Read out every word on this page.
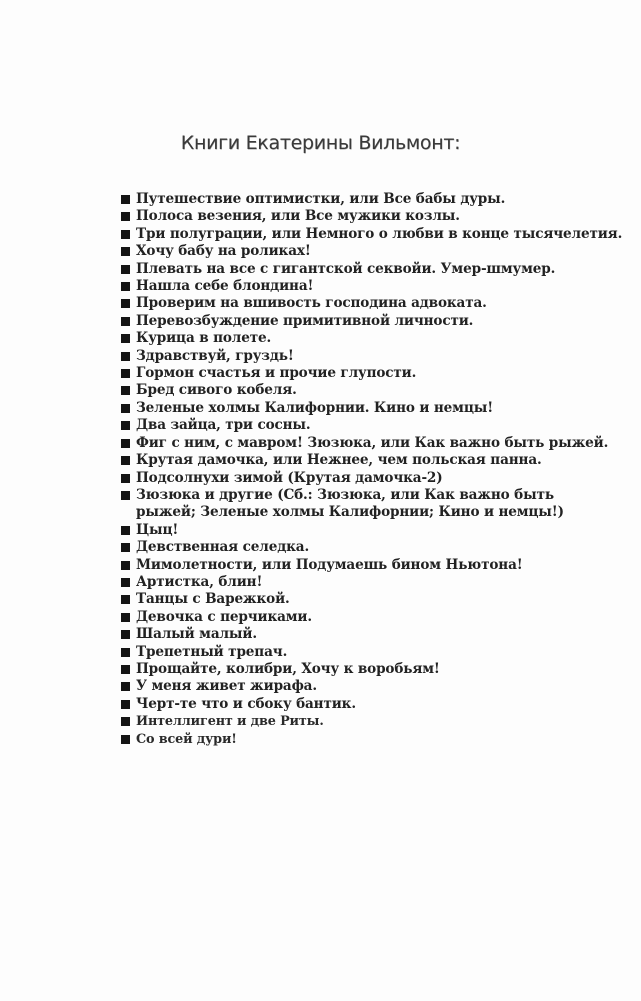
Книги Екатерины Вильмонт:
Путешествие оптимистки, или Все бабы дуры.
Полоса везения, или Все мужики козлы.
Три полуграции, или Немного о любви в конце тысячелетия.
Хочу бабу на роликах!
Плевать на все с гигантской секвойи. Умер-шмумер.
Нашла себе блондина!
Проверим на вшивость господина адвоката.
Перевозбуждение примитивной личности.
Курица в полете.
Здравствуй, груздь!
Гормон счастья и прочие глупости.
Бред сивого кобеля.
Зеленые холмы Калифорнии. Кино и немцы!
Два зайца, три сосны.
Фиг с ним, с мавром! Зюзюка, или Как важно быть рыжей.
Крутая дамочка, или Нежнее, чем польская панна.
Подсолнухи зимой (Крутая дамочка-2)
Зюзюка и другие (Сб.: Зюзюка, или Как важно быть рыжей; Зеленые холмы Калифорнии; Кино и немцы!)
Цыц!
Девственная селедка.
Мимолетности, или Подумаешь бином Ньютона!
Артистка, блин!
Танцы с Варежкой.
Девочка с перчиками.
Шалый малый.
Трепетный трепач.
Прощайте, колибри, Хочу к воробьям!
У меня живет жирафа.
Черт-те что и сбоку бантик.
Интеллигент и две Риты.
Со всей дури!
